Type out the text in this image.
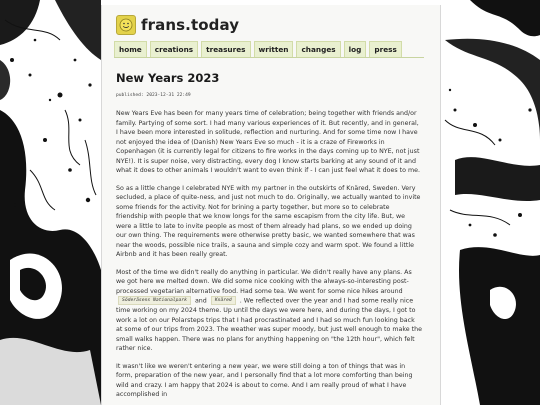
frans.today
home	creations	treasures	written	changes	log	press
New Years 2023
published: 2023-12-31 22:49

New Years Eve has been for many years time of celebration; being together with friends and/or family. Partying of some sort. I had many various experiences of it. But recently, and in general, I have been more interested in solitude, reflection and nurturing. And for some time now I have not enjoyed the idea of (Danish) New Years Eve so much - it is a craze of Fireworks in Copenhagen (it is currently legal for citizens to fire works in the days coming up to NYE, not just NYE!). It is super noise, very distracting, every dog I know starts barking at any sound of it and what it does to other animals I wouldn't want to even think if - I can just feel what it does to me.

So as a little change I celebrated NYE with my partner in the outskirts of Knäred, Sweden. Very secluded, a place of quite-ness, and just not much to do. Originally, we actually wanted to invite some friends for the activity. Not for brining a party together, but more so to celebrate friendship with people that we know longs for the same escapism from the city life. But, we were a little to late to invite people as most of them already had plans, so we ended up doing our own thing. The requirements were otherwise pretty basic, we wanted somewhere that was near the woods, possible nice trails, a sauna and simple cozy and warm spot. We found a little Airbnb and it has been really great.

Most of the time we didn't really do anything in particular. We didn't really have any plans. As we got here we melted down. We did some nice cooking with the always-so-interesting post-processed vegetarian alternative food. Had some tea. We went for some nice hikes around Söderåsens Nationalpark and Knäred . We reflected over the year and I had some really nice time working on my 2024 theme. Up until the days we were here, and during the days, I got to work a lot on our Polarsteps trips that I had procrastinated and I had so much fun looking back at some of our trips from 2023. The weather was super moody, but just well enough to make the small walks happen. There was no plans for anything happening on "the 12th hour", which felt rather nice.

It wasn't like we weren't entering a new year, we were still doing a ton of things that was in form, preparation of the new year, and I personally find that a lot more comforting than being wild and crazy. I am happy that 2024 is about to come. And I am really proud of what I have accomplished in
